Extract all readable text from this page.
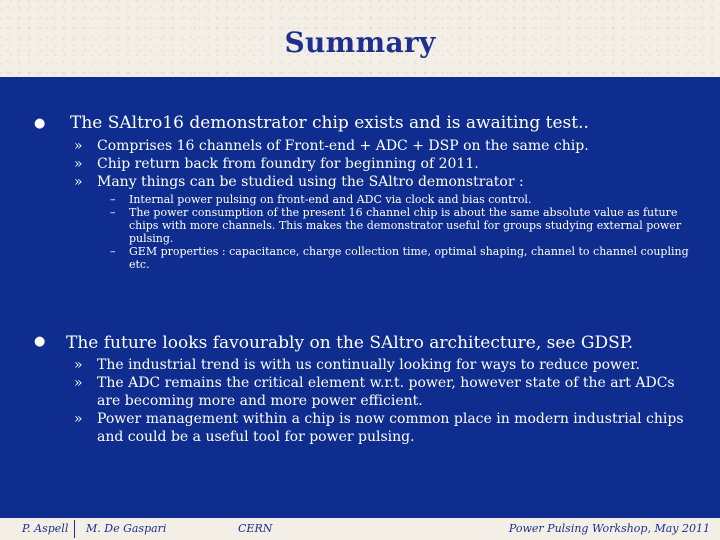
Summary
● The SAltro16 demonstrator chip exists and is awaiting test..
»	Comprises 16 channels of Front-end + ADC + DSP on the same chip.
»	Chip return back from foundry for beginning of 2011.
»	Many things can be studied using the SAltro demonstrator :
–	Internal power pulsing on front-end and ADC via clock and bias control.
–	The power consumption of the present 16 channel chip is about the same absolute value as future chips with more channels. This makes the demonstrator useful for groups studying external power pulsing.
–	GEM properties : capacitance, charge collection time, optimal shaping, channel to channel coupling etc.
● The future looks favourably on the SAltro architecture, see GDSP.
»	The industrial trend is with us continually looking for ways to reduce power.
»	The ADC remains the critical element w.r.t. power, however state of the art ADCs are becoming more and more power efficient.
»	Power management within a chip is now common place in modern industrial chips and could be a useful tool for power pulsing.
P. Aspell M. De Gaspari	CERN	Power Pulsing Workshop, May 2011
